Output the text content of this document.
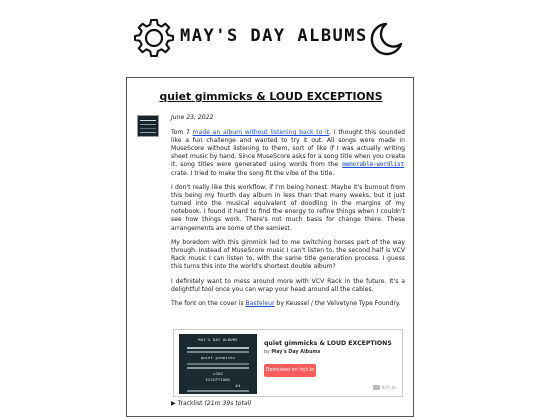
MAY'S DAY ALBUMS
quiet gimmicks & LOUD EXCEPTIONS

June 23, 2022

Tom 7 made an album without listening back to it. I thought this sounded like a fun challenge and wanted to try it out. All songs were made in MuseScore without listening to them, sort of like if I was actually writing sheet music by hand. Since MuseScore asks for a song title when you create it, song titles were generated using words from the memorable-wordlist crate. I tried to make the song fit the vibe of the title.

I don't really like this workflow, if I'm being honest. Maybe it's burnout from this being my fourth day album in less than that many weeks, but it just turned into the musical equivalent of doodling in the margins of my notebook. I found it hard to find the energy to refine things when I couldn't see how things work. There's not much basis for change there. These arrangements are some of the samiest.

My boredom with this gimmick led to me switching horses part of the way through. Instead of MuseScore music I can't listen to, the second half is VCV Rack music I can listen to, with the same title generation process. I guess this turns this into the world's shortest double album?

I definitely want to mess around more with VCV Rack in the future. It's a delightful tool once you can wrap your head around all the cables.

The font on the cover is Basteleur by Keussel / the Velvetyne Type Foundry.

MAY'S DAY ALBUMS
quiet gimmicks
LOUD
EXCEPTIONS
#4
quiet gimmicks & LOUD EXCEPTIONS
by May's Day Albums
Download on itch.io
itch.io
▶ Tracklist (21m 39s total)
